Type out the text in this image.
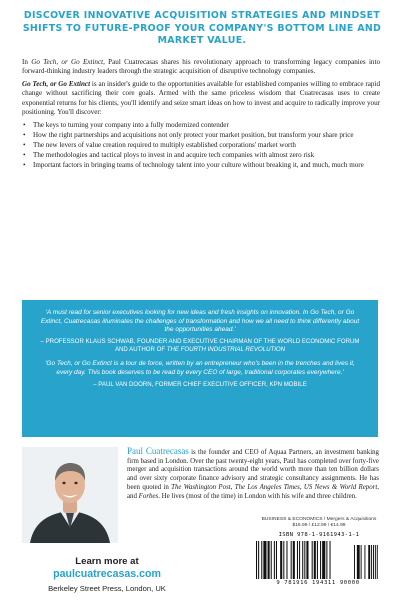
DISCOVER INNOVATIVE ACQUISITION STRATEGIES AND MINDSET SHIFTS TO FUTURE-PROOF YOUR COMPANY'S BOTTOM LINE AND MARKET VALUE.

In Go Tech, or Go Extinct, Paul Cuatrecasas shares his revolutionary approach to transforming legacy companies into forward-thinking industry leaders through the strategic acquisition of disruptive technology companies.

Go Tech, or Go Extinct is an insider's guide to the opportunities available for established companies willing to embrace rapid change without sacrificing their core goals. Armed with the same priceless wisdom that Cuatrecasas uses to create exponential returns for his clients, you'll identify and seize smart ideas on how to invest and acquire to radically improve your positioning. You'll discover:

• The keys to turning your company into a fully modernized contender
• How the right partnerships and acquisitions not only protect your market position, but transform your share price
• The new levers of value creation required to multiply established corporations' market worth
• The methodologies and tactical ploys to invest in and acquire tech companies with almost zero risk
• Important factors in bringing teams of technology talent into your culture without breaking it, and much, much more
'A must read for senior executives looking for new ideas and fresh insights on innovation. In Go Tech, or Go Extinct, Cuatrecasas illuminates the challenges of transformation and how we all need to think differently about the opportunities ahead.'
– PROFESSOR KLAUS SCHWAB, FOUNDER AND EXECUTIVE CHAIRMAN OF THE WORLD ECONOMIC FORUM AND AUTHOR OF THE FOURTH INDUSTRIAL REVOLUTION
'Go Tech, or Go Extinct is a tour de force, written by an entrepreneur who's been in the trenches and lives it, every day. This book deserves to be read by every CEO of large, traditional corporates everywhere.'
– PAUL VAN DOORN, FORMER CHIEF EXECUTIVE OFFICER, KPN MOBILE
Paul Cuatrecasas is the founder and CEO of Aquaa Partners, an investment banking firm based in London. Over the past twenty-eight years, Paul has completed over forty-five merger and acquisition transactions around the world worth more than ten billion dollars and over sixty corporate finance advisory and strategic consultancy assignments. He has been quoted in The Washington Post, The Los Angeles Times, US News & World Report, and Forbes. He lives (most of the time) in London with his wife and three children.
Learn more at
paulcuatrecasas.com
Berkeley Street Press, London, UK
BUSINESS & ECONOMICS / Mergers & Acquisitions
$16.99 / £12.99 / €14.99
ISBN 978-1-9161943-1-1
9 781916 194311 90000
